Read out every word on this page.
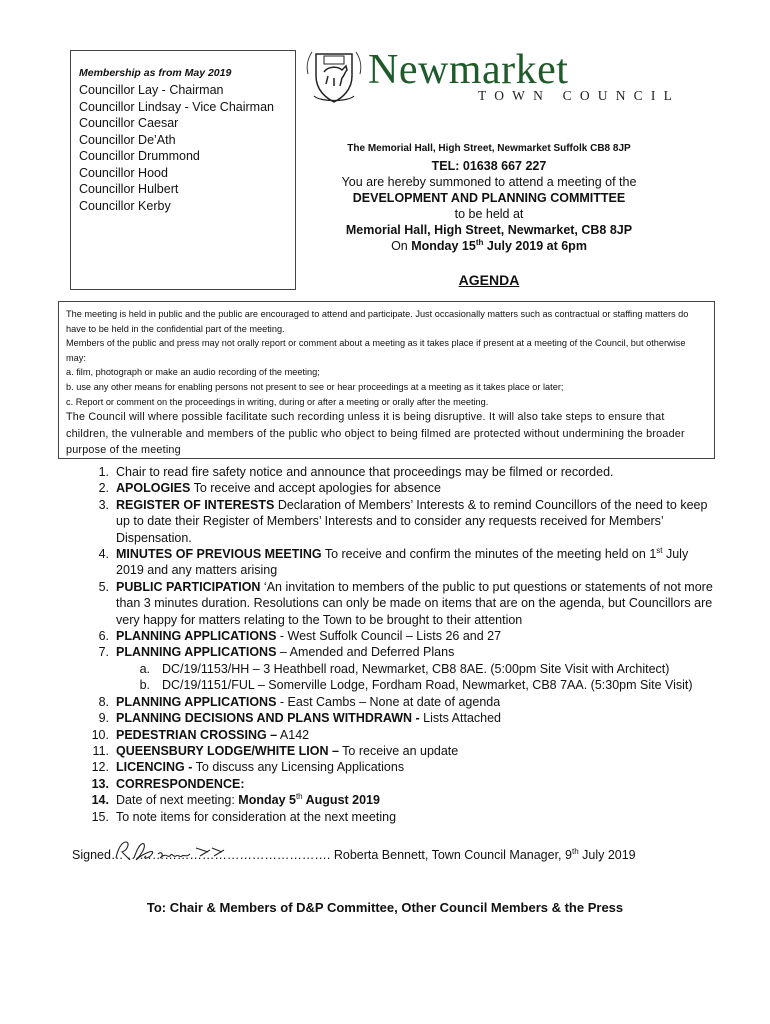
Membership as from May 2019
Councillor Lay - Chairman
Councillor Lindsay - Vice Chairman
Councillor Caesar
Councillor De’Ath
Councillor Drummond
Councillor Hood
Councillor Hulbert
Councillor Kerby
Newmarket
TOWN COUNCIL
The Memorial Hall, High Street, Newmarket Suffolk CB8 8JP
TEL: 01638 667 227
You are hereby summoned to attend a meeting of the
DEVELOPMENT AND PLANNING COMMITTEE
to be held at
Memorial Hall, High Street, Newmarket, CB8 8JP
On Monday 15th July 2019 at 6pm
AGENDA
The meeting is held in public and the public are encouraged to attend and participate. Just occasionally matters such as contractual or staffing matters do have to be held in the confidential part of the meeting.
Members of the public and press may not orally report or comment about a meeting as it takes place if present at a meeting of the Council, but otherwise may:
a. film, photograph or make an audio recording of the meeting;
b. use any other means for enabling persons not present to see or hear proceedings at a meeting as it takes place or later;
c. Report or comment on the proceedings in writing, during or after a meeting or orally after the meeting.
The Council will where possible facilitate such recording unless it is being disruptive. It will also take steps to ensure that children, the vulnerable and members of the public who object to being filmed are protected without undermining the broader purpose of the meeting
1. Chair to read fire safety notice and announce that proceedings may be filmed or recorded.
2. APOLOGIES To receive and accept apologies for absence
3. REGISTER OF INTERESTS Declaration of Members’ Interests & to remind Councillors of the need to keep up to date their Register of Members’ Interests and to consider any requests received for Members’ Dispensation.
4. MINUTES OF PREVIOUS MEETING To receive and confirm the minutes of the meeting held on 1st July 2019 and any matters arising
5. PUBLIC PARTICIPATION ‘An invitation to members of the public to put questions or statements of not more than 3 minutes duration. Resolutions can only be made on items that are on the agenda, but Councillors are very happy for matters relating to the Town to be brought to their attention
6. PLANNING APPLICATIONS - West Suffolk Council – Lists 26 and 27
7. PLANNING APPLICATIONS – Amended and Deferred Plans
a. DC/19/1153/HH – 3 Heathbell road, Newmarket, CB8 8AE. (5:00pm Site Visit with Architect)
b. DC/19/1151/FUL – Somerville Lodge, Fordham Road, Newmarket, CB8 7AA. (5:30pm Site Visit)
8. PLANNING APPLICATIONS - East Cambs – None at date of agenda
9. PLANNING DECISIONS AND PLANS WITHDRAWN - Lists Attached
10. PEDESTRIAN CROSSING – A142
11. QUEENSBURY LODGE/WHITE LION – To receive an update
12. LICENCING - To discuss any Licensing Applications
13. CORRESPONDENCE:
14. Date of next meeting: Monday 5th August 2019
15. To note items for consideration at the next meeting
Signed… …………………………………………. Roberta Bennett, Town Council Manager, 9th July 2019
To: Chair & Members of D&P Committee, Other Council Members & the Press
